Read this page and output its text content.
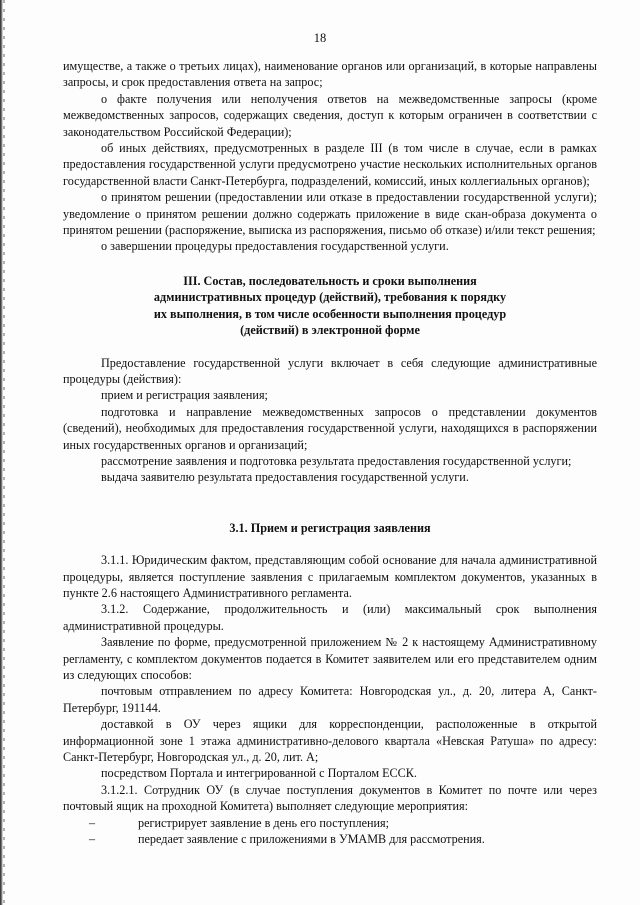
18

имуществе, а также о третьих лицах), наименование органов или организаций, в которые направлены запросы, и срок предоставления ответа на запрос;

о факте получения или неполучения ответов на межведомственные запросы (кроме межведомственных запросов, содержащих сведения, доступ к которым ограничен в соответствии с законодательством Российской Федерации);

об иных действиях, предусмотренных в разделе III (в том числе в случае, если в рамках предоставления государственной услуги предусмотрено участие нескольких исполнительных органов государственной власти Санкт-Петербурга, подразделений, комиссий, иных коллегиальных органов);

о принятом решении (предоставлении или отказе в предоставлении государственной услуги); уведомление о принятом решении должно содержать приложение в виде скан-образа документа о принятом решении (распоряжение, выписка из распоряжения, письмо об отказе) и/или текст решения;

о завершении процедуры предоставления государственной услуги.

III. Состав, последовательность и сроки выполнения

административных процедур (действий), требования к порядку

их выполнения, в том числе особенности выполнения процедур

(действий) в электронной форме

Предоставление государственной услуги включает в себя следующие административные процедуры (действия):

прием и регистрация заявления;

подготовка и направление межведомственных запросов о представлении документов (сведений), необходимых для предоставления государственной услуги, находящихся в распоряжении иных государственных органов и организаций;

рассмотрение заявления и подготовка результата предоставления государственной услуги;

выдача заявителю результата предоставления государственной услуги.

3.1. Прием и регистрация заявления

3.1.1. Юридическим фактом, представляющим собой основание для начала административной процедуры, является поступление заявления с прилагаемым комплектом документов, указанных в пункте 2.6 настоящего Административного регламента.

3.1.2. Содержание, продолжительность и (или) максимальный срок выполнения административной процедуры.

Заявление по форме, предусмотренной приложением № 2 к настоящему Административному регламенту, с комплектом документов подается в Комитет заявителем или его представителем одним из следующих способов:

почтовым отправлением по адресу Комитета: Новгородская ул., д. 20, литера А, Санкт-Петербург, 191144.

доставкой в ОУ через ящики для корреспонденции, расположенные в открытой информационной зоне 1 этажа административно-делового квартала «Невская Ратуша» по адресу: Санкт-Петербург, Новгородская ул., д. 20, лит. А;

посредством Портала и интегрированной с Порталом ЕССК.

3.1.2.1. Сотрудник ОУ (в случае поступления документов в Комитет по почте или через почтовый ящик на проходной Комитета) выполняет следующие мероприятия:

–	регистрирует заявление в день его поступления;
–	передает заявление с приложениями в УМАМВ для рассмотрения.
